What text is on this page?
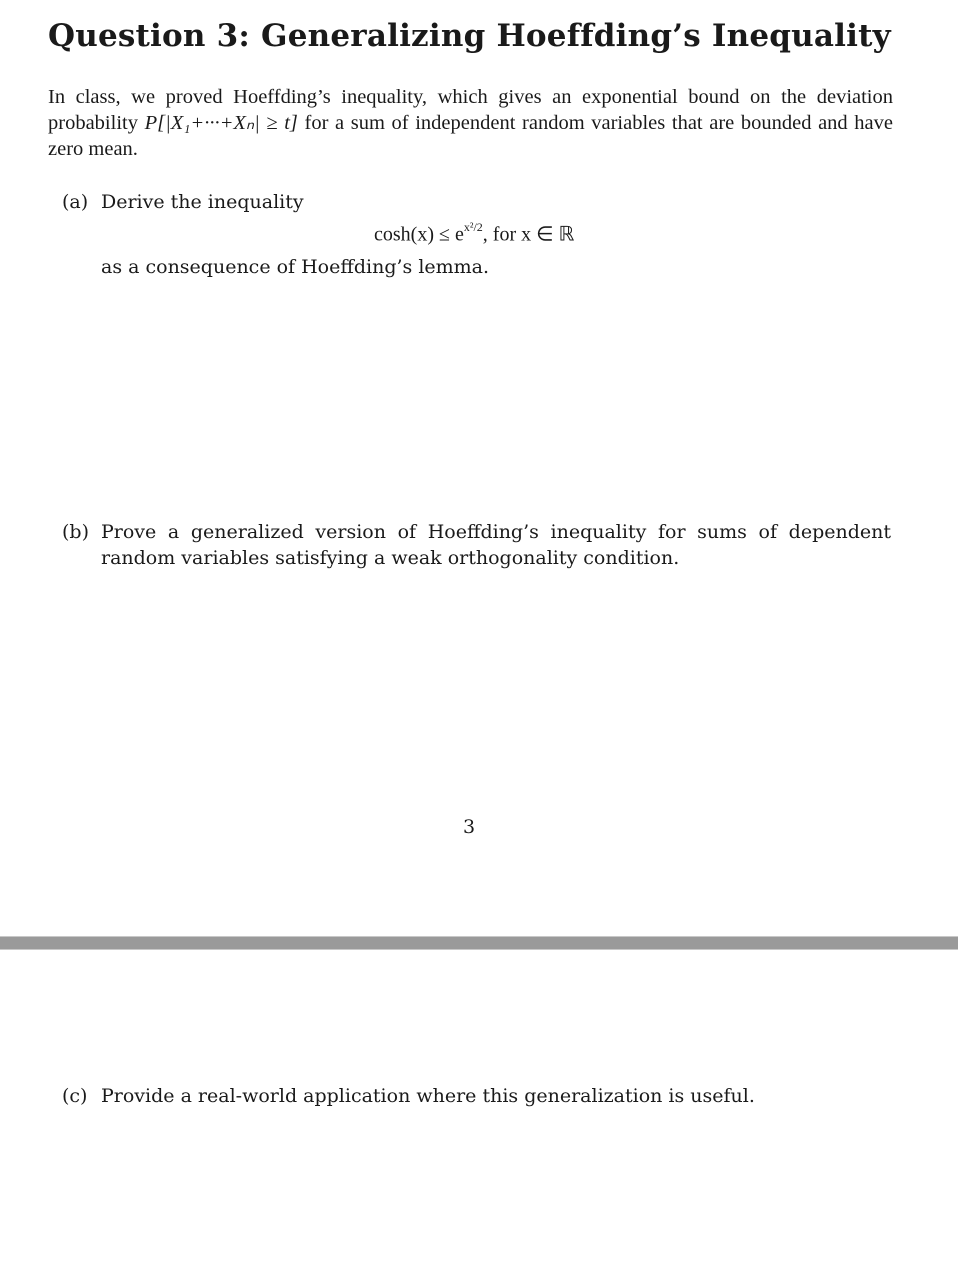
Question 3: Generalizing Hoeffding’s Inequality

In class, we proved Hoeffding’s inequality, which gives an exponential bound on the deviation probability P[|X₁+···+Xₙ| ≥ t] for a sum of independent random variables that are bounded and have zero mean.

(a) Derive the inequality
$\cosh(x) \le e^{x^2/2}$, for x ∈ ℝ
as a consequence of Hoeffding’s lemma.
(b) Prove a generalized version of Hoeffding’s inequality for sums of dependent random variables satisfying a weak orthogonality condition.
3
(c) Provide a real-world application where this generalization is useful.
